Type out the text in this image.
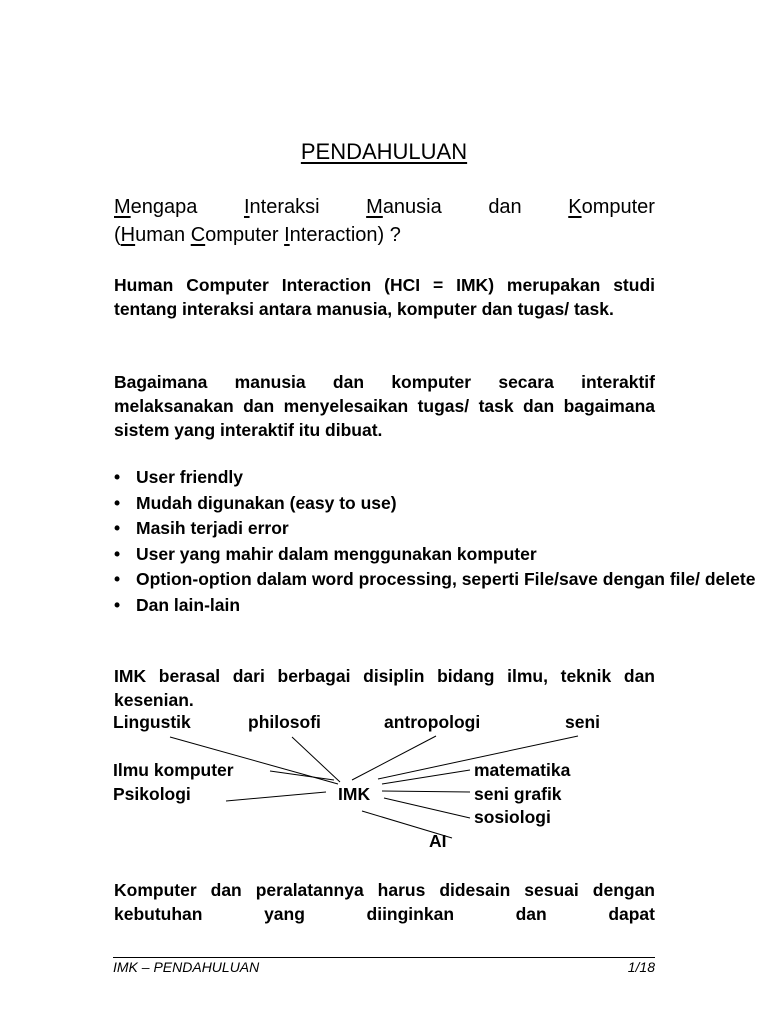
PENDAHULUAN
Mengapa Interaksi Manusia dan Komputer
(Human Computer Interaction) ?
Human Computer Interaction (HCI = IMK) merupakan studi tentang interaksi antara manusia, komputer dan tugas/ task.
Bagaimana manusia dan komputer secara interaktif melaksanakan dan menyelesaikan tugas/ task dan bagaimana sistem yang interaktif itu dibuat.
• User friendly
• Mudah digunakan (easy to use)
• Masih terjadi error
• User yang mahir dalam menggunakan komputer
• Option-option dalam word processing, seperti File/save dengan file/ delete
• Dan lain-lain
IMK berasal dari berbagai disiplin bidang ilmu, teknik dan kesenian.
Lingustik	philosofi	antropologi	seni
Ilmu komputer
Psikologi	IMK
matematika
seni grafik
sosiologi
AI
Komputer dan peralatannya harus didesain sesuai dengan kebutuhan yang diinginkan dan dapat
IMK – PENDAHULUAN	1/18
